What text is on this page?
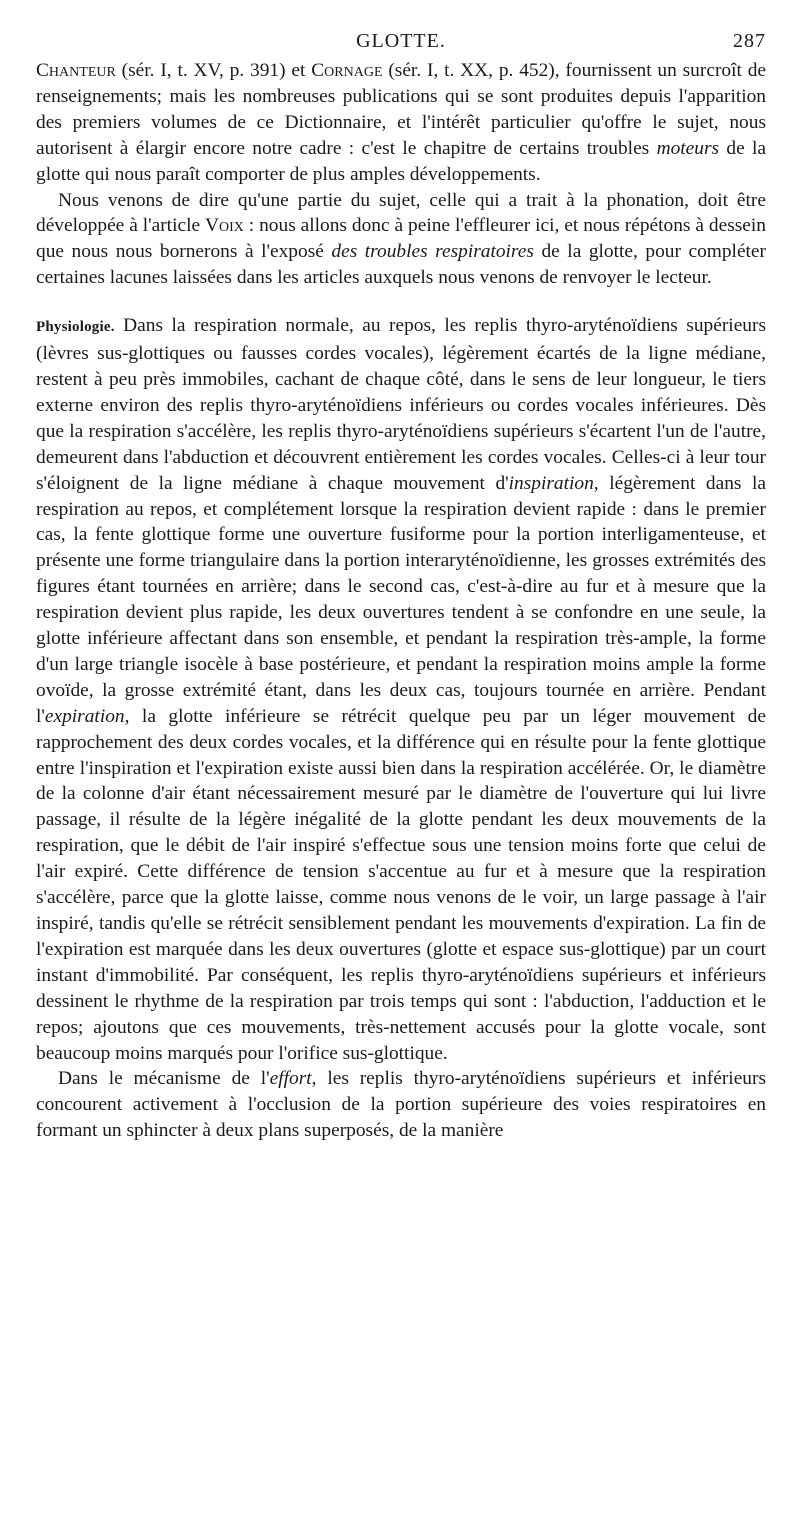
GLOTTE.	287

Chanteur (sér. I, t. XV, p. 391) et Cornage (sér. I, t. XX, p. 452), fournissent un surcroît de renseignements; mais les nombreuses publications qui se sont produites depuis l'apparition des premiers volumes de ce Dictionnaire, et l'intérêt particulier qu'offre le sujet, nous autorisent à élargir encore notre cadre : c'est le chapitre de certains troubles moteurs de la glotte qui nous paraît comporter de plus amples développements.

Nous venons de dire qu'une partie du sujet, celle qui a trait à la phonation, doit être développée à l'article Voix : nous allons donc à peine l'effleurer ici, et nous répétons à dessein que nous nous bornerons à l'exposé des troubles respiratoires de la glotte, pour compléter certaines lacunes laissées dans les articles auxquels nous venons de renvoyer le lecteur.

Physiologie. Dans la respiration normale, au repos, les replis thyro-aryténoïdiens supérieurs (lèvres sus-glottiques ou fausses cordes vocales), légèrement écartés de la ligne médiane, restent à peu près immobiles, cachant de chaque côté, dans le sens de leur longueur, le tiers externe environ des replis thyro-aryténoïdiens inférieurs ou cordes vocales inférieures. Dès que la respiration s'accélère, les replis thyro-aryténoïdiens supérieurs s'écartent l'un de l'autre, demeurent dans l'abduction et découvrent entièrement les cordes vocales. Celles-ci à leur tour s'éloignent de la ligne médiane à chaque mouvement d'inspiration, légèrement dans la respiration au repos, et complétement lorsque la respiration devient rapide : dans le premier cas, la fente glottique forme une ouverture fusiforme pour la portion interligamenteuse, et présente une forme triangulaire dans la portion interaryténoïdienne, les grosses extrémités des figures étant tournées en arrière; dans le second cas, c'est-à-dire au fur et à mesure que la respiration devient plus rapide, les deux ouvertures tendent à se confondre en une seule, la glotte inférieure affectant dans son ensemble, et pendant la respiration très-ample, la forme d'un large triangle isocèle à base postérieure, et pendant la respiration moins ample la forme ovoïde, la grosse extrémité étant, dans les deux cas, toujours tournée en arrière. Pendant l'expiration, la glotte inférieure se rétrécit quelque peu par un léger mouvement de rapprochement des deux cordes vocales, et la différence qui en résulte pour la fente glottique entre l'inspiration et l'expiration existe aussi bien dans la respiration accélérée. Or, le diamètre de la colonne d'air étant nécessairement mesuré par le diamètre de l'ouverture qui lui livre passage, il résulte de la légère inégalité de la glotte pendant les deux mouvements de la respiration, que le débit de l'air inspiré s'effectue sous une tension moins forte que celui de l'air expiré. Cette différence de tension s'accentue au fur et à mesure que la respiration s'accélère, parce que la glotte laisse, comme nous venons de le voir, un large passage à l'air inspiré, tandis qu'elle se rétrécit sensiblement pendant les mouvements d'expiration. La fin de l'expiration est marquée dans les deux ouvertures (glotte et espace sus-glottique) par un court instant d'immobilité. Par conséquent, les replis thyro-aryténoïdiens supérieurs et inférieurs dessinent le rhythme de la respiration par trois temps qui sont : l'abduction, l'adduction et le repos; ajoutons que ces mouvements, très-nettement accusés pour la glotte vocale, sont beaucoup moins marqués pour l'orifice sus-glottique.

Dans le mécanisme de l'effort, les replis thyro-aryténoïdiens supérieurs et inférieurs concourent activement à l'occlusion de la portion supérieure des voies respiratoires en formant un sphincter à deux plans superposés, de la manière
